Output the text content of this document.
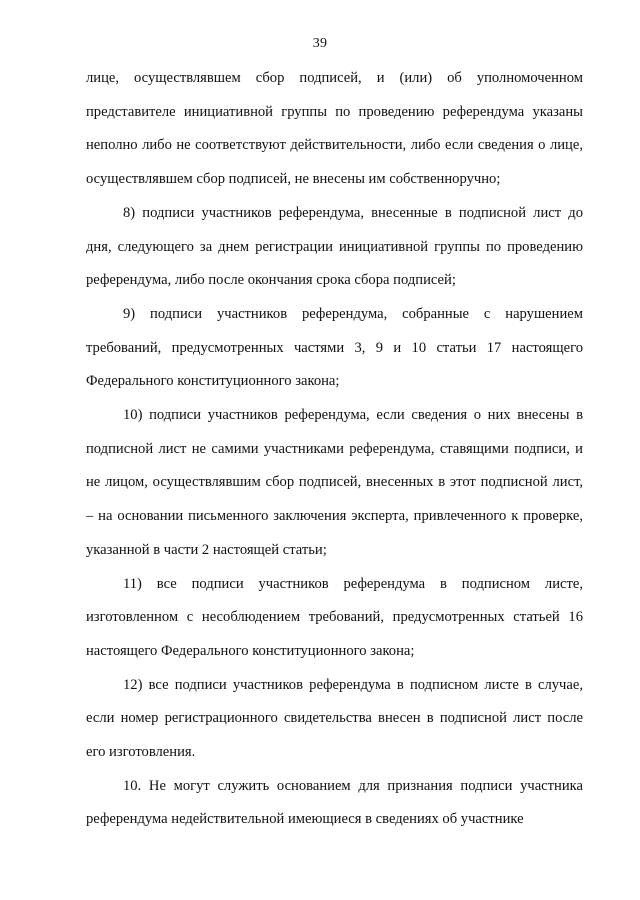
39

лице, осуществлявшем сбор подписей, и (или) об уполномоченном представителе инициативной группы по проведению референдума указаны неполно либо не соответствуют действительности, либо если сведения о лице, осуществлявшем сбор подписей, не внесены им собственноручно;

8) подписи участников референдума, внесенные в подписной лист до дня, следующего за днем регистрации инициативной группы по проведению референдума, либо после окончания срока сбора подписей;

9) подписи участников референдума, собранные с нарушением требований, предусмотренных частями 3, 9 и 10 статьи 17 настоящего Федерального конституционного закона;

10) подписи участников референдума, если сведения о них внесены в подписной лист не самими участниками референдума, ставящими подписи, и не лицом, осуществлявшим сбор подписей, внесенных в этот подписной лист, – на основании письменного заключения эксперта, привлеченного к проверке, указанной в части 2 настоящей статьи;

11) все подписи участников референдума в подписном листе, изготовленном с несоблюдением требований, предусмотренных статьей 16 настоящего Федерального конституционного закона;

12) все подписи участников референдума в подписном листе в случае, если номер регистрационного свидетельства внесен в подписной лист после его изготовления.

10. Не могут служить основанием для признания подписи участника референдума недействительной имеющиеся в сведениях об участнике
